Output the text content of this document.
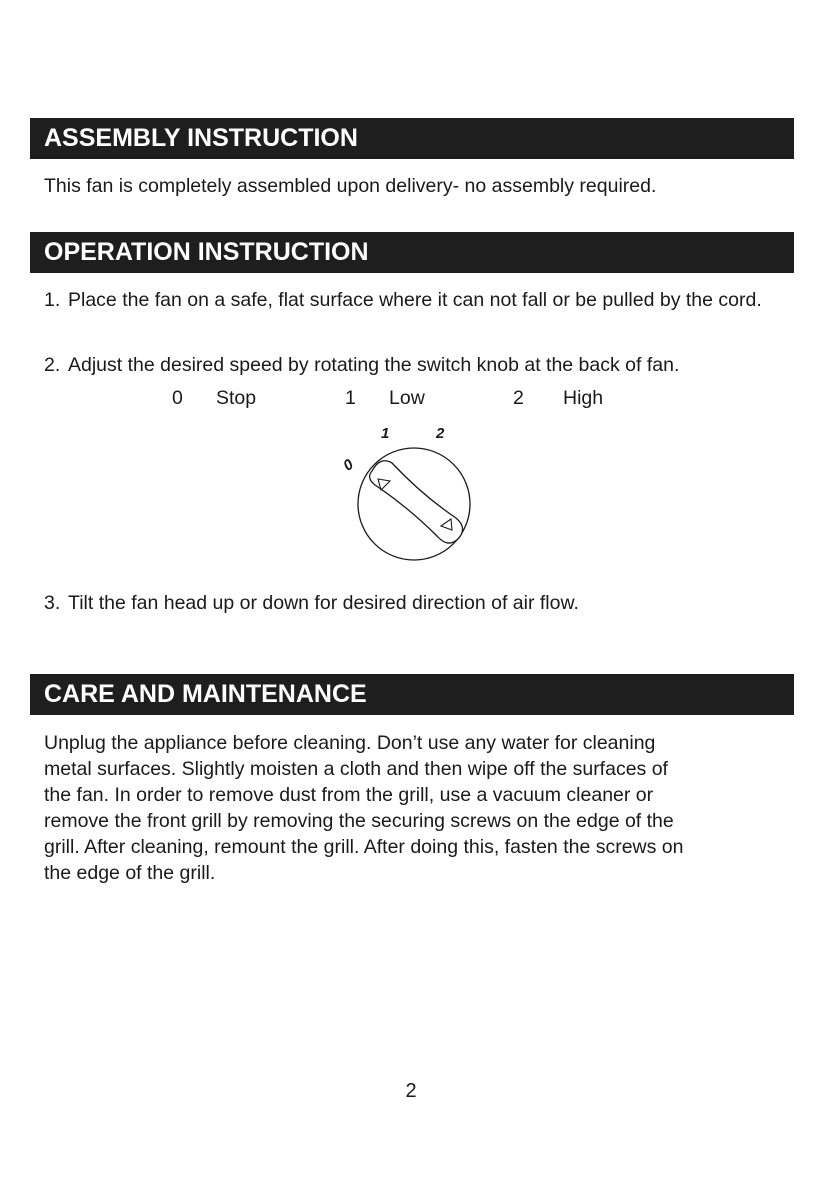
ASSEMBLY INSTRUCTION
This fan is completely assembled upon delivery- no assembly required.
OPERATION INSTRUCTION
1. Place the fan on a safe, flat surface where it can not fall or be pulled by the cord.
2. Adjust the desired speed by rotating the switch knob at the back of fan.
0 Stop	1 Low	2 High
0
1	2
3. Tilt the fan head up or down for desired direction of air flow.
CARE AND MAINTENANCE
Unplug the appliance before cleaning. Don’t use any water for cleaning
metal surfaces. Slightly moisten a cloth and then wipe off the surfaces of
the fan. In order to remove dust from the grill, use a vacuum cleaner or
remove the front grill by removing the securing screws on the edge of the
grill. After cleaning, remount the grill. After doing this, fasten the screws on
the edge of the grill.
2
